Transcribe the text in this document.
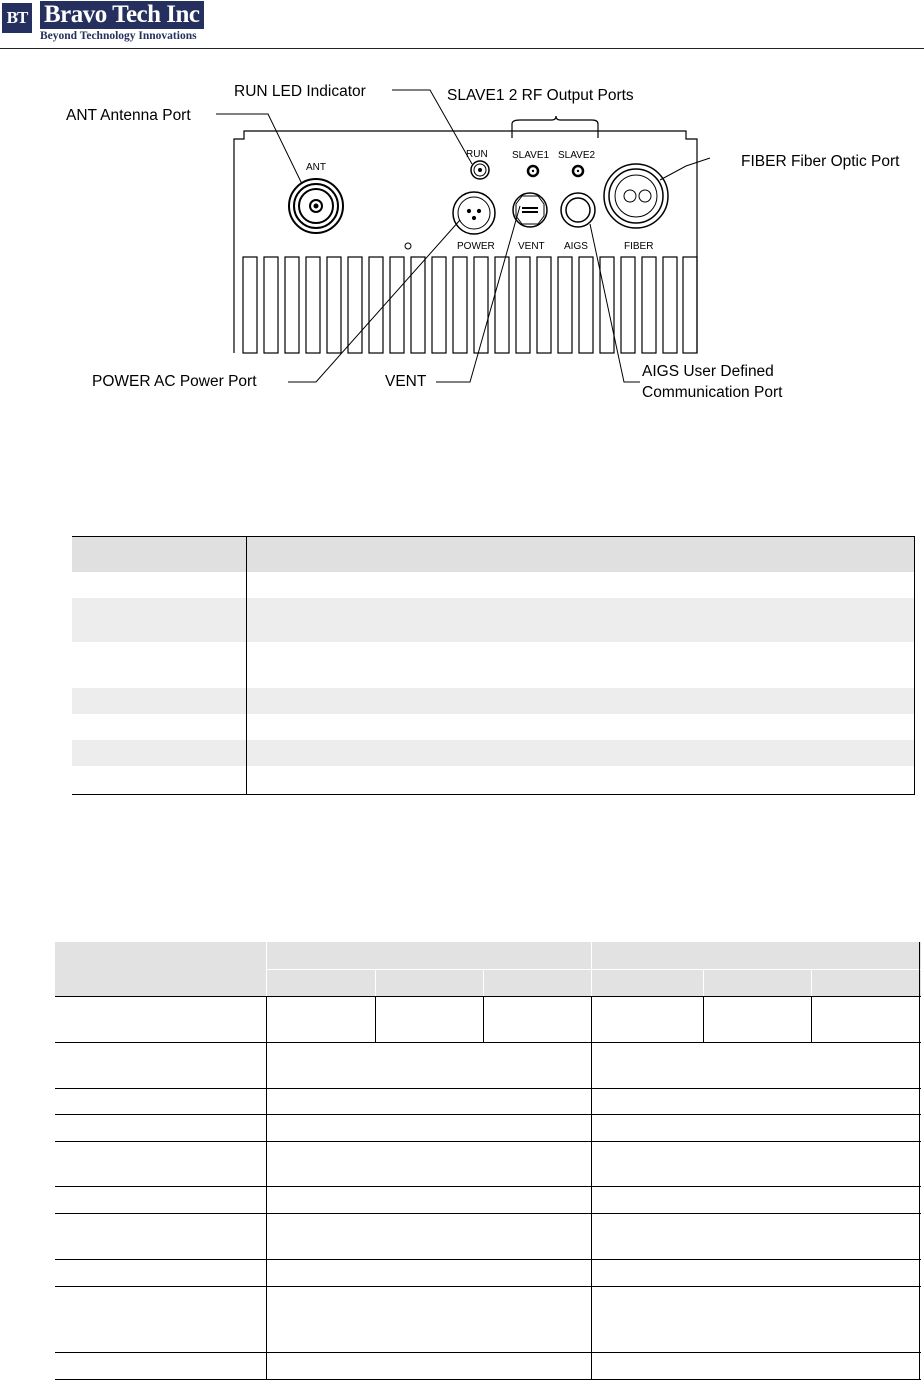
BT Bravo Tech Inc
Beyond Technology Innovations
ANT
RUN SLAVE1 SLAVE2
POWER VENT AIGS	FIBER
ANT Antenna Port
RUN LED Indicator	SLAVE1 2 RF Output Ports
FIBER Fiber Optic Port
POWER AC Power Port	VENT
AIGS User Defined
Communication Port
